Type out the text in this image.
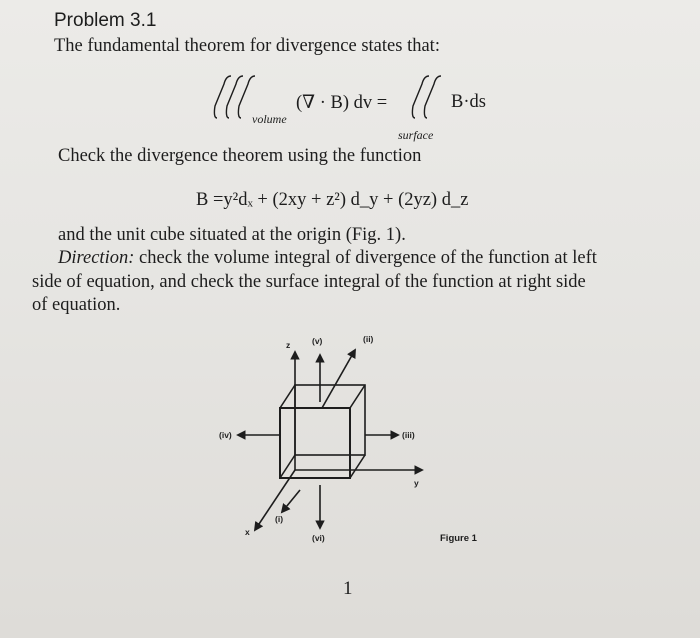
Problem 3.1
The fundamental theorem for divergence states that:
(∇ · B) dv =
volume
B·ds
surface
Check the divergence theorem using the function
B =y²dₓ + (2xy + z²) d_y + (2yz) d_z
and the unit cube situated at the origin (Fig. 1).
Direction: check the volume integral of divergence of the function at left
side of equation, and check the surface integral of the function at right side
of equation.
z
y
x
(v)	(ii)
(iii)
(iv)
(vi)
(i)
Figure 1
1
